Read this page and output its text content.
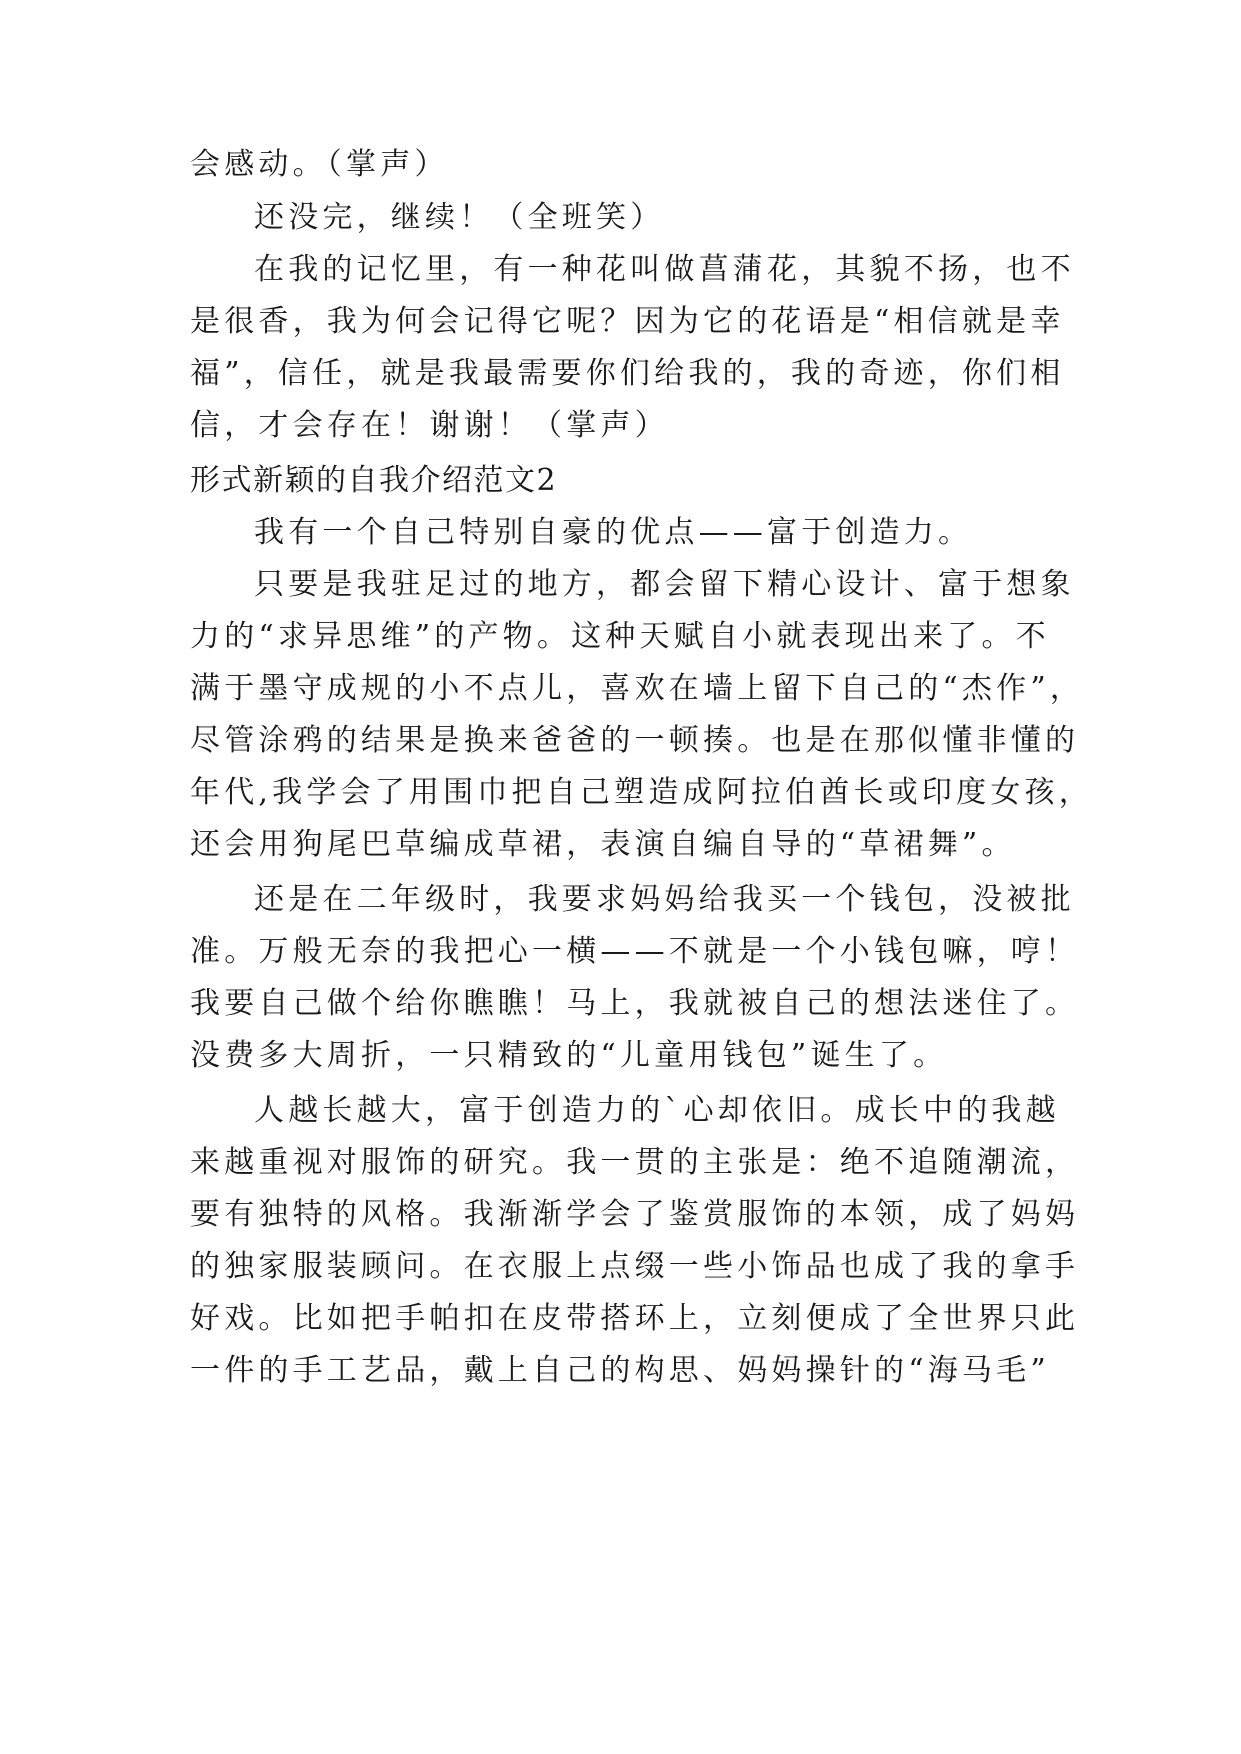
会感动。（掌声）
还没完，继续！（全班笑）
在我的记忆里，有一种花叫做菖蒲花，其貌不扬，也不
是很香，我为何会记得它呢？因为它的花语是“相信就是幸
福”，信任，就是我最需要你们给我的，我的奇迹，你们相
信，才会存在！谢谢！（掌声）
形式新颖的自我介绍范文2
我有一个自己特别自豪的优点——富于创造力。
只要是我驻足过的地方，都会留下精心设计、富于想象
力的“求异思维”的产物。这种天赋自小就表现出来了。不
满于墨守成规的小不点儿，喜欢在墙上留下自己的“杰作”，
尽管涂鸦的结果是换来爸爸的一顿揍。也是在那似懂非懂的
年代,我学会了用围巾把自己塑造成阿拉伯酋长或印度女孩，
还会用狗尾巴草编成草裙，表演自编自导的“草裙舞”。
还是在二年级时，我要求妈妈给我买一个钱包，没被批
准。万般无奈的我把心一横——不就是一个小钱包嘛，哼！
我要自己做个给你瞧瞧！马上，我就被自己的想法迷住了。
没费多大周折，一只精致的“儿童用钱包”诞生了。
人越长越大，富于创造力的`心却依旧。成长中的我越
来越重视对服饰的研究。我一贯的主张是：绝不追随潮流，
要有独特的风格。我渐渐学会了鉴赏服饰的本领，成了妈妈
的独家服装顾问。在衣服上点缀一些小饰品也成了我的拿手
好戏。比如把手帕扣在皮带搭环上，立刻便成了全世界只此
一件的手工艺品，戴上自己的构思、妈妈操针的“海马毛”
